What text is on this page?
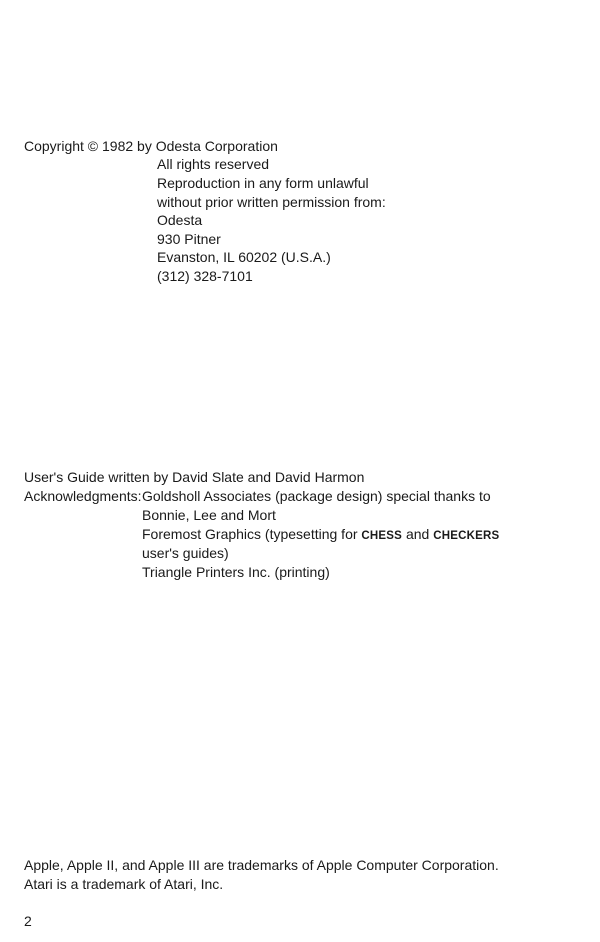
Copyright © 1982 by Odesta Corporation
All rights reserved
Reproduction in any form unlawful
without prior written permission from:
Odesta
930 Pitner
Evanston, IL 60202 (U.S.A.)
(312) 328-7101
User's Guide written by David Slate and David Harmon
Acknowledgments: Goldsholl Associates (package design) special thanks to
Bonnie, Lee and Mort
Foremost Graphics (typesetting for CHESS and CHECKERS
user's guides)
Triangle Printers Inc. (printing)
Apple, Apple II, and Apple III are trademarks of Apple Computer Corporation.
Atari is a trademark of Atari, Inc.
2
